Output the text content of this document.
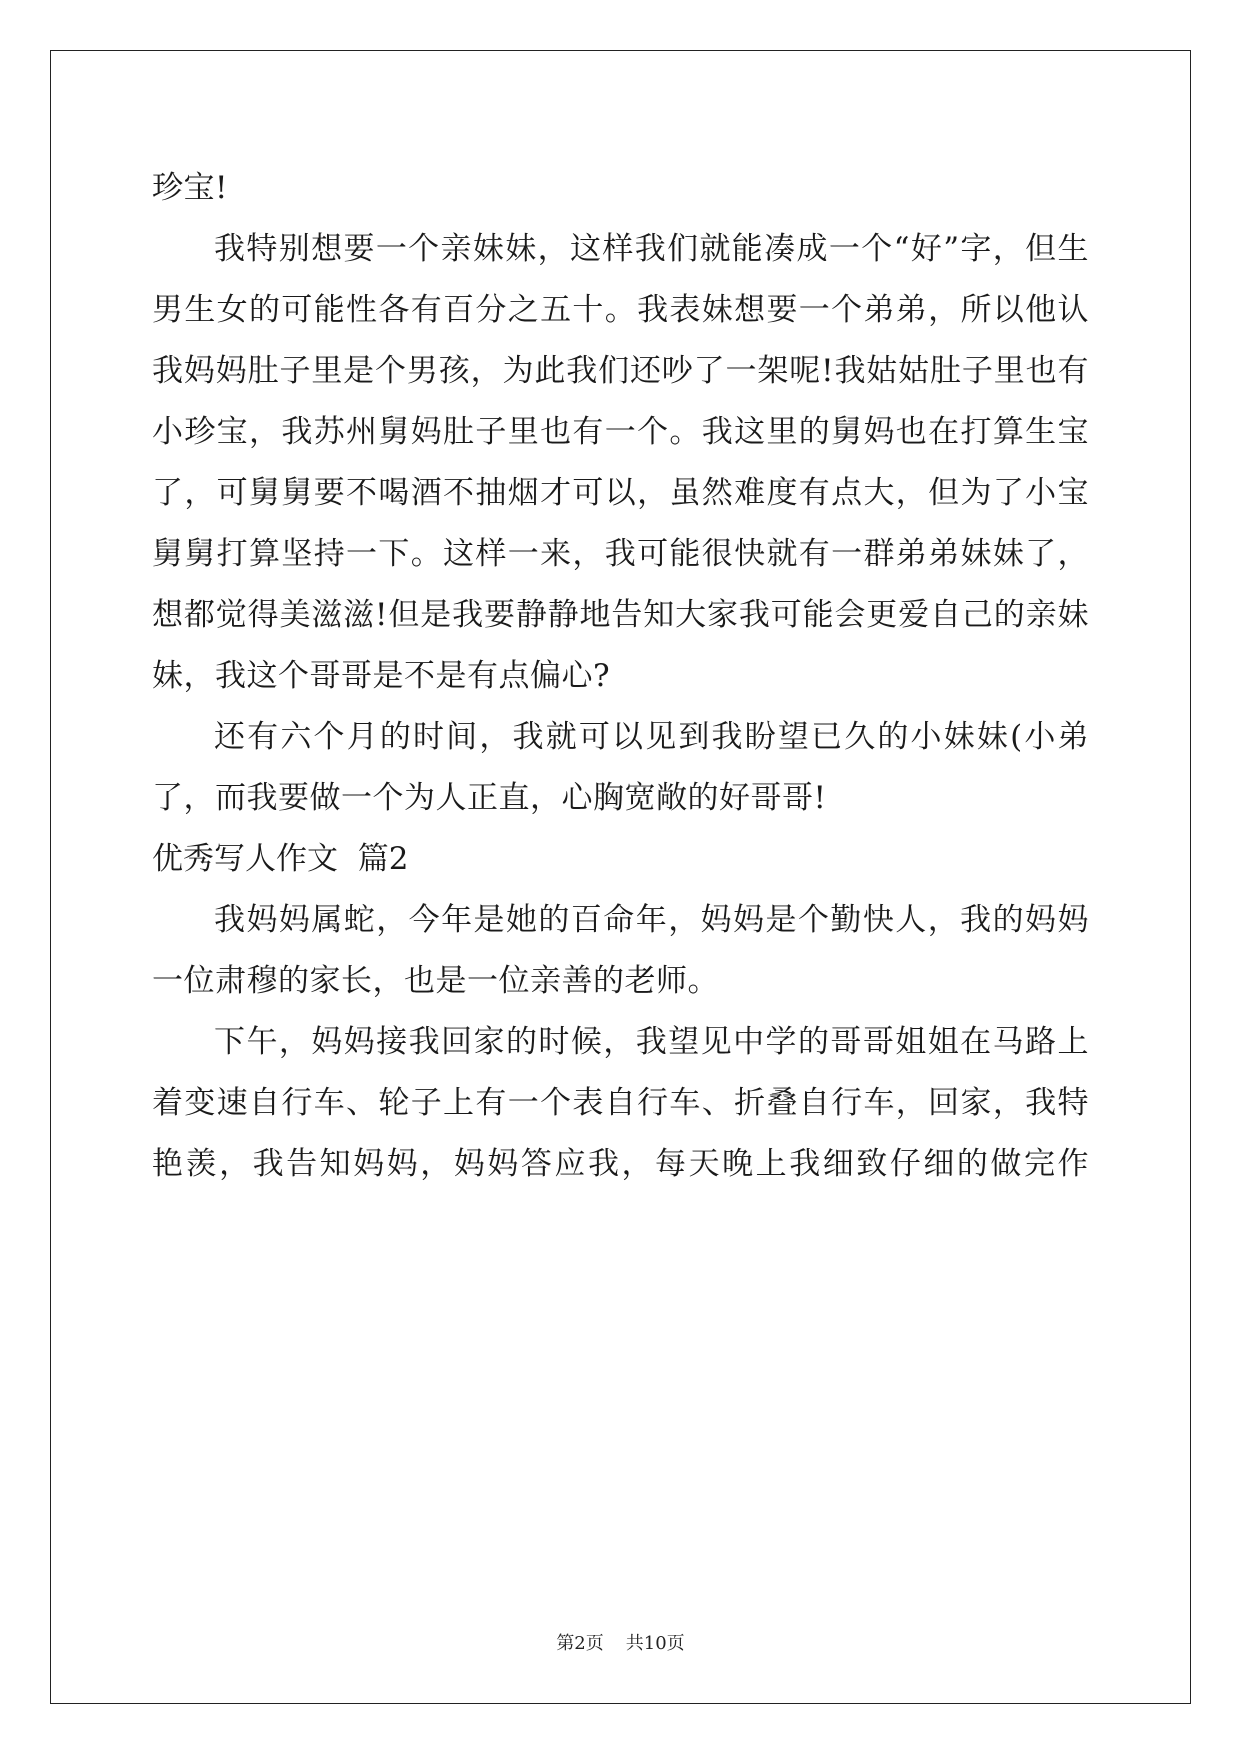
珍宝!

我特别想要一个亲妹妹，这样我们就能凑成一个“好”字，但生

男生女的可能性各有百分之五十。我表妹想要一个弟弟，所以他认

我妈妈肚子里是个男孩，为此我们还吵了一架呢!我姑姑肚子里也有

小珍宝，我苏州舅妈肚子里也有一个。我这里的舅妈也在打算生宝

了，可舅舅要不喝酒不抽烟才可以，虽然难度有点大，但为了小宝

舅舅打算坚持一下。这样一来，我可能很快就有一群弟弟妹妹了，

想都觉得美滋滋!但是我要静静地告知大家我可能会更爱自己的亲妹

妹，我这个哥哥是不是有点偏心?

还有六个月的时间，我就可以见到我盼望已久的小妹妹(小弟

了，而我要做一个为人正直，心胸宽敞的好哥哥!

优秀写人作文  篇2

我妈妈属蛇，今年是她的百命年，妈妈是个勤快人，我的妈妈

一位肃穆的家长，也是一位亲善的老师。

下午，妈妈接我回家的时候，我望见中学的哥哥姐姐在马路上

着变速自行车、轮子上有一个表自行车、折叠自行车，回家，我特

艳羡，我告知妈妈，妈妈答应我，每天晚上我细致仔细的做完作

第2页 共10页
